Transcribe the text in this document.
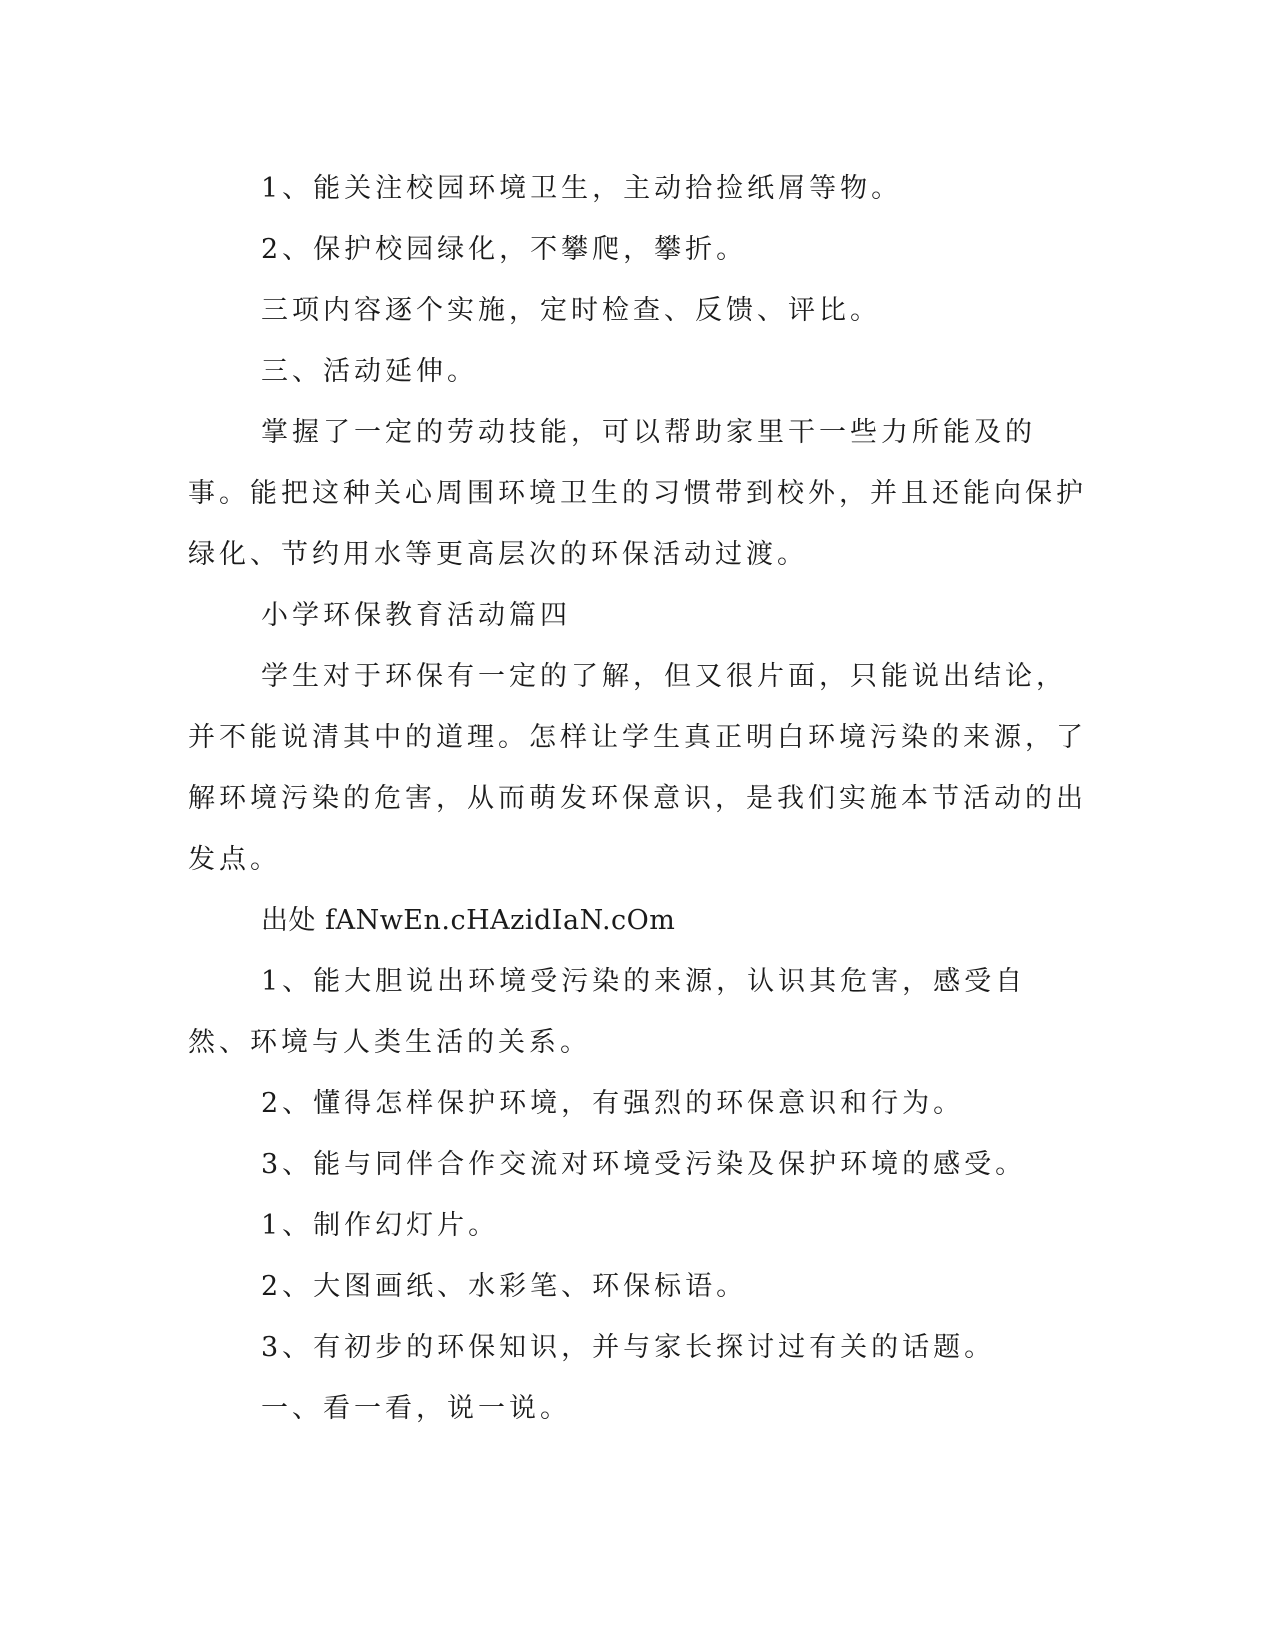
1、能关注校园环境卫生，主动拾捡纸屑等物。

2、保护校园绿化，不攀爬，攀折。

三项内容逐个实施，定时检查、反馈、评比。

三、活动延伸。

掌握了一定的劳动技能，可以帮助家里干一些力所能及的事。能把这种关心周围环境卫生的习惯带到校外，并且还能向保护绿化、节约用水等更高层次的环保活动过渡。

小学环保教育活动篇四

学生对于环保有一定的了解，但又很片面，只能说出结论，并不能说清其中的道理。怎样让学生真正明白环境污染的来源，了解环境污染的危害，从而萌发环保意识，是我们实施本节活动的出发点。

出处 fANwEn.cHAzidIaN.cOm

1、能大胆说出环境受污染的来源，认识其危害，感受自然、环境与人类生活的关系。

2、懂得怎样保护环境，有强烈的环保意识和行为。

3、能与同伴合作交流对环境受污染及保护环境的感受。

1、制作幻灯片。

2、大图画纸、水彩笔、环保标语。

3、有初步的环保知识，并与家长探讨过有关的话题。

一、看一看，说一说。
